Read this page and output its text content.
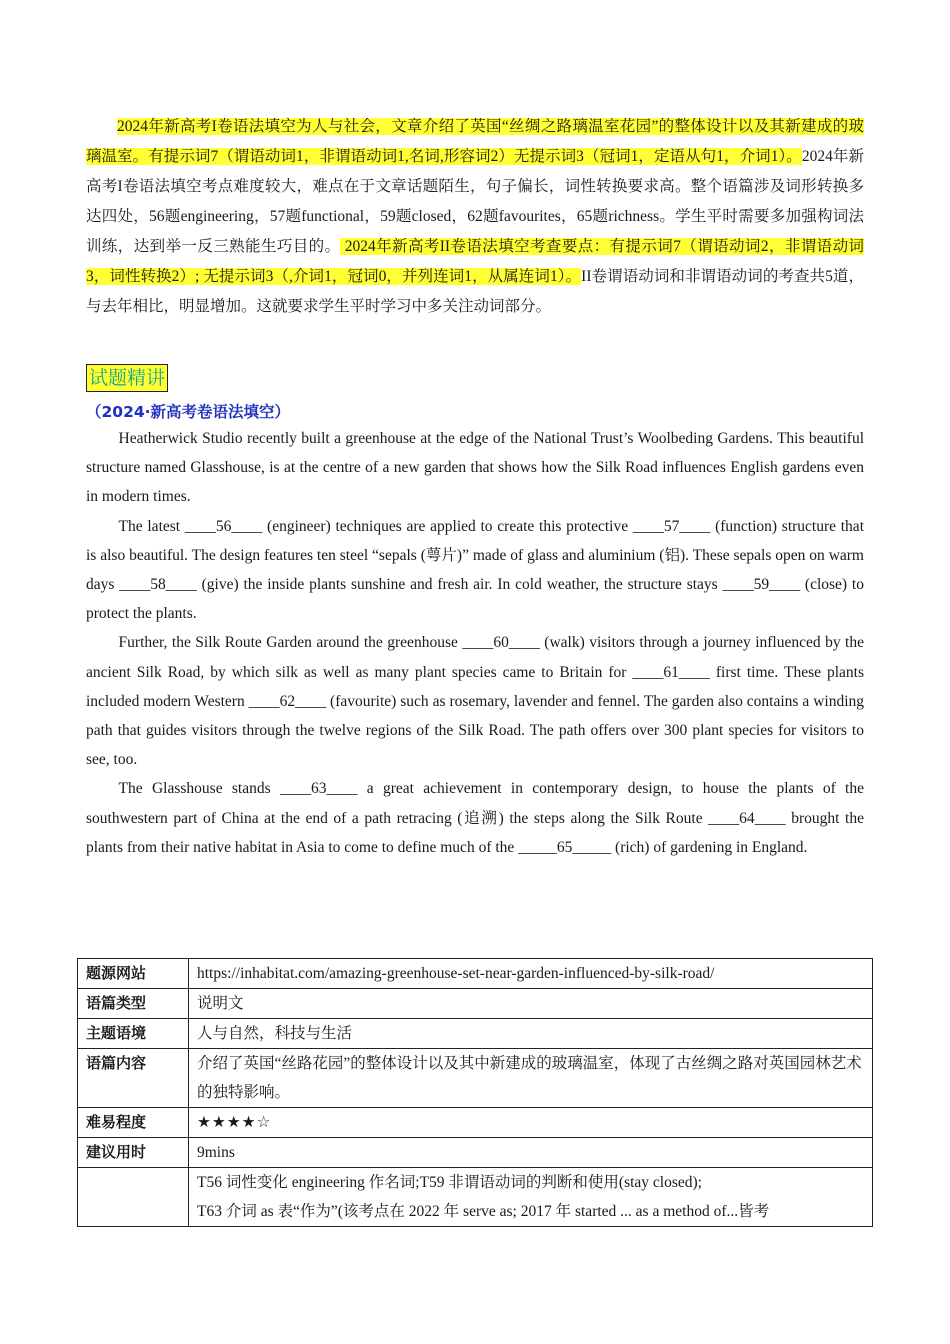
2024年新高考I卷语法填空为人与社会，文章介绍了英国“丝绸之路璃温室花园”的整体设计以及其新建成的玻璃温室。有提示词7（谓语动词1，非谓语动词1,名词,形容词2）无提示词3（冠词1，定语从句1，介词1）。2024年新高考I卷语法填空考点难度较大，难点在于文章话题陌生，句子偏长，词性转换要求高。整个语篇涉及词形转换多达四处，56题engineering，57题functional，59题closed，62题favourites，65题richness。学生平时需要多加强构词法训练，达到举一反三熟能生巧目的。 2024年新高考II卷语法填空考查要点：有提示词7（谓语动词2，非谓语动词3，词性转换2）; 无提示词3（,介词1，冠词0，并列连词1，从属连词1）。II卷谓语动词和非谓语动词的考查共5道，与去年相比，明显增加。这就要求学生平时学习中多关注动词部分。

试题精讲
（2024·新高考卷语法填空）

Heatherwick Studio recently built a greenhouse at the edge of the National Trust’s Woolbeding Gardens. This beautiful structure named Glasshouse, is at the centre of a new garden that shows how the Silk Road influences English gardens even in modern times.

The latest ____56____ (engineer) techniques are applied to create this protective ____57____ (function) structure that is also beautiful. The design features ten steel “sepals (萼片)” made of glass and aluminium (铝). These sepals open on warm days ____58____ (give) the inside plants sunshine and fresh air. In cold weather, the structure stays ____59____ (close) to protect the plants.

Further, the Silk Route Garden around the greenhouse ____60____ (walk) visitors through a journey influenced by the ancient Silk Road, by which silk as well as many plant species came to Britain for ____61____ first time. These plants included modern Western ____62____ (favourite) such as rosemary, lavender and fennel. The garden also contains a winding path that guides visitors through the twelve regions of the Silk Road. The path offers over 300 plant species for visitors to see, too.

The Glasshouse stands ____63____ a great achievement in contemporary design, to house the plants of the southwestern part of China at the end of a path retracing (追溯) the steps along the Silk Route ____64____ brought the plants from their native habitat in Asia to come to define much of the _____65_____ (rich) of gardening in England.

题源网站	https://inhabitat.com/amazing-greenhouse-set-near-garden-influenced-by-silk-road/
语篇类型	说明文
主题语境	人与自然，科技与生活
语篇内容	介绍了英国“丝路花园”的整体设计以及其中新建成的玻璃温室，体现了古丝绸之路对英国园林艺术的独特影响。
难易程度	★★★★☆
建议用时	9mins

	T56 词性变化 engineering 作名词;T59 非谓语动词的判断和使用(stay closed);
T63 介词 as 表“作为”(该考点在 2022 年 serve as; 2017 年 started ... as a method of...皆考
